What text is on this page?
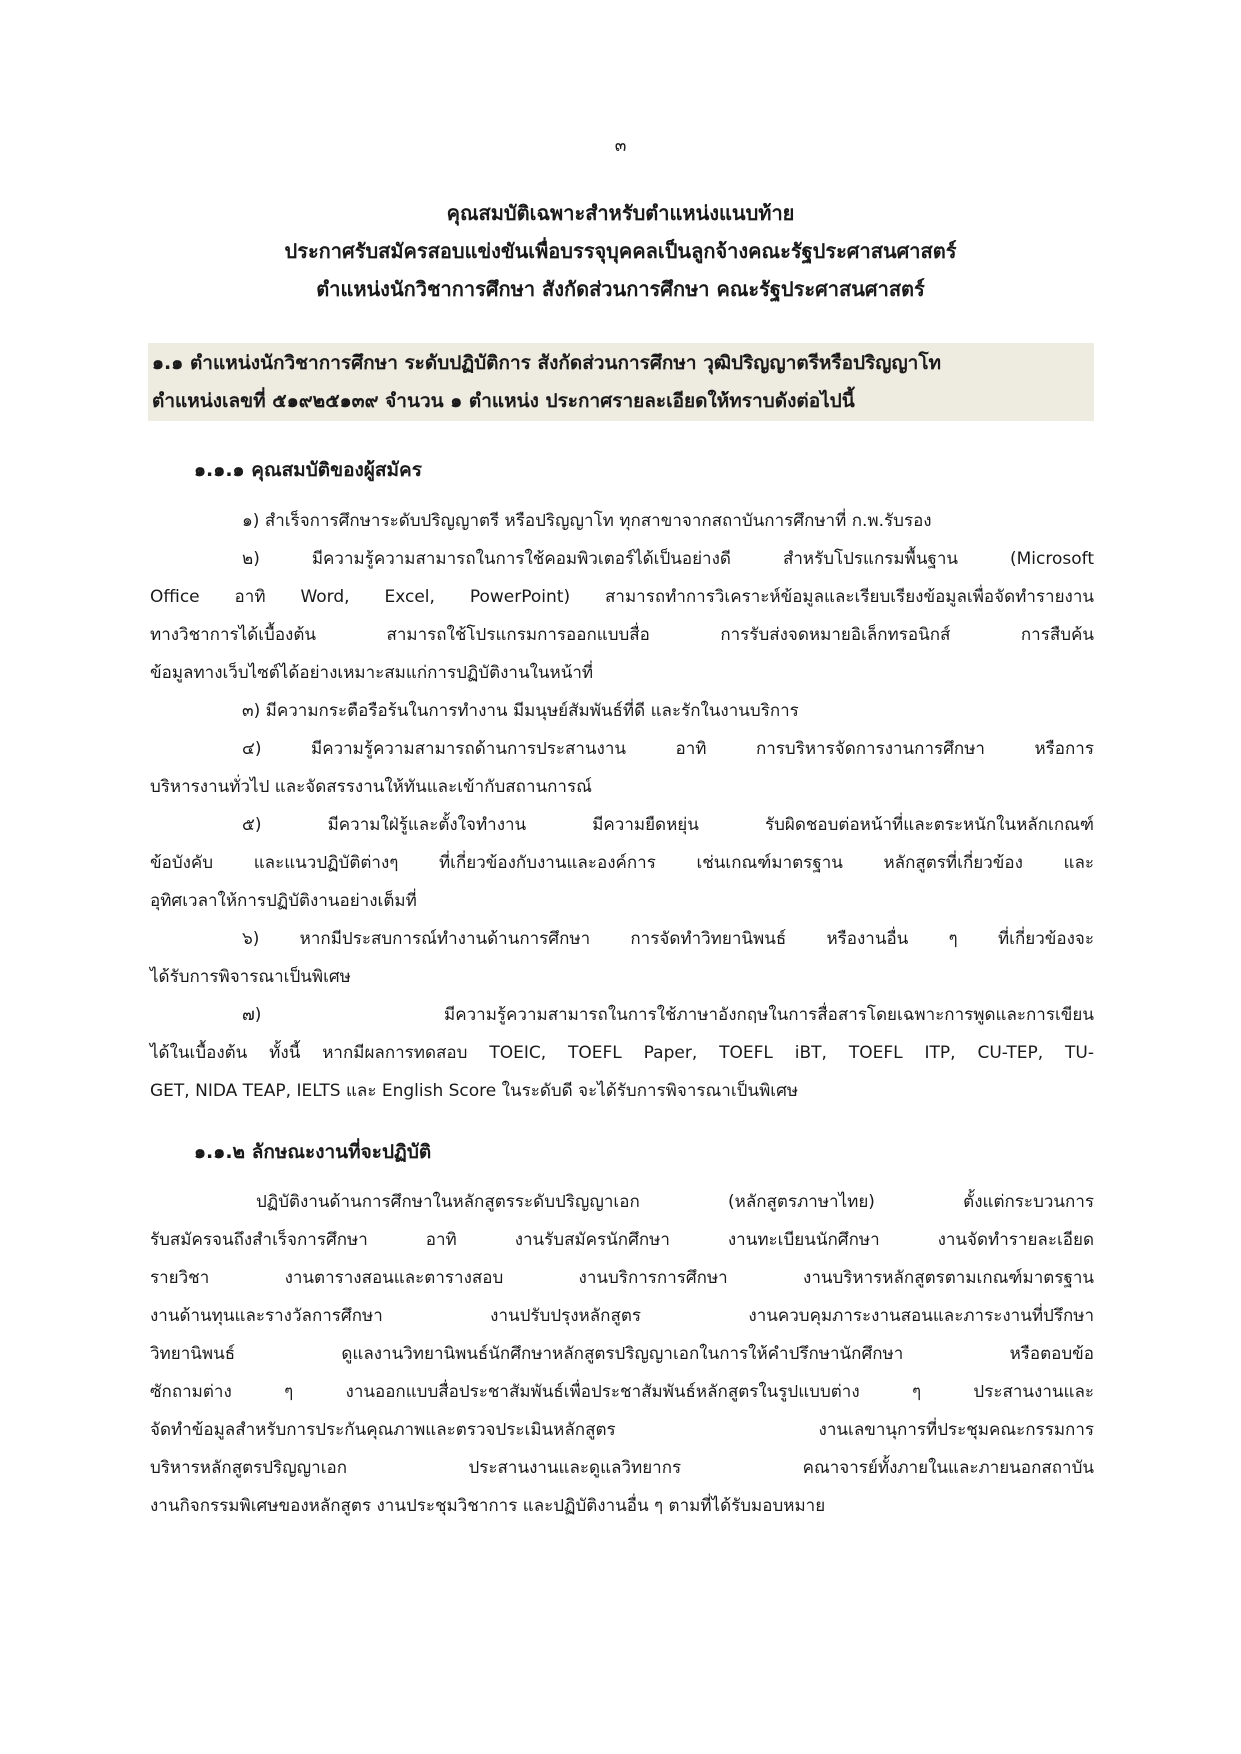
๓
คุณสมบัติเฉพาะสำหรับตำแหน่งแนบท้าย
ประกาศรับสมัครสอบแข่งขันเพื่อบรรจุบุคคลเป็นลูกจ้างคณะรัฐประศาสนศาสตร์
ตำแหน่งนักวิชาการศึกษา สังกัดส่วนการศึกษา คณะรัฐประศาสนศาสตร์
๑.๑ ตำแหน่งนักวิชาการศึกษา ระดับปฏิบัติการ สังกัดส่วนการศึกษา วุฒิปริญญาตรีหรือปริญญาโท
ตำแหน่งเลขที่ ๕๑๙๒๕๑๓๙ จำนวน ๑ ตำแหน่ง ประกาศรายละเอียดให้ทราบดังต่อไปนี้
๑.๑.๑ คุณสมบัติของผู้สมัคร
๑) สำเร็จการศึกษาระดับปริญญาตรี หรือปริญญาโท ทุกสาขาจากสถาบันการศึกษาที่ ก.พ.รับรอง
๒) มีความรู้ความสามารถในการใช้คอมพิวเตอร์ได้เป็นอย่างดี สำหรับโปรแกรมพื้นฐาน (Microsoft
Office อาทิ Word, Excel, PowerPoint) สามารถทำการวิเคราะห์ข้อมูลและเรียบเรียงข้อมูลเพื่อจัดทำรายงาน
ทางวิชาการได้เบื้องต้น สามารถใช้โปรแกรมการออกแบบสื่อ การรับส่งจดหมายอิเล็กทรอนิกส์ การสืบค้น
ข้อมูลทางเว็บไซต์ได้อย่างเหมาะสมแก่การปฏิบัติงานในหน้าที่
๓) มีความกระตือรือร้นในการทำงาน มีมนุษย์สัมพันธ์ที่ดี และรักในงานบริการ
๔) มีความรู้ความสามารถด้านการประสานงาน อาทิ การบริหารจัดการงานการศึกษา หรือการ
บริหารงานทั่วไป และจัดสรรงานให้ทันและเข้ากับสถานการณ์
๕) มีความใฝ่รู้และตั้งใจทำงาน มีความยืดหยุ่น รับผิดชอบต่อหน้าที่และตระหนักในหลักเกณฑ์
ข้อบังคับ และแนวปฏิบัติต่างๆ ที่เกี่ยวข้องกับงานและองค์การ เช่นเกณฑ์มาตรฐาน หลักสูตรที่เกี่ยวข้อง และ
อุทิศเวลาให้การปฏิบัติงานอย่างเต็มที่
๖) หากมีประสบการณ์ทำงานด้านการศึกษา การจัดทำวิทยานิพนธ์ หรืองานอื่น ๆ ที่เกี่ยวข้องจะ
ได้รับการพิจารณาเป็นพิเศษ
๗) มีความรู้ความสามารถในการใช้ภาษาอังกฤษในการสื่อสารโดยเฉพาะการพูดและการเขียน
ได้ในเบื้องต้น ทั้งนี้ หากมีผลการทดสอบ TOEIC, TOEFL Paper, TOEFL iBT, TOEFL ITP, CU-TEP, TU-
GET, NIDA TEAP, IELTS และ English Score ในระดับดี จะได้รับการพิจารณาเป็นพิเศษ
๑.๑.๒ ลักษณะงานที่จะปฏิบัติ
ปฏิบัติงานด้านการศึกษาในหลักสูตรระดับปริญญาเอก (หลักสูตรภาษาไทย) ตั้งแต่กระบวนการ
รับสมัครจนถึงสำเร็จการศึกษา อาทิ งานรับสมัครนักศึกษา งานทะเบียนนักศึกษา งานจัดทำรายละเอียด
รายวิชา งานตารางสอนและตารางสอบ งานบริการการศึกษา งานบริหารหลักสูตรตามเกณฑ์มาตรฐาน
งานด้านทุนและรางวัลการศึกษา งานปรับปรุงหลักสูตร งานควบคุมภาระงานสอนและภาระงานที่ปรึกษา
วิทยานิพนธ์ ดูแลงานวิทยานิพนธ์นักศึกษาหลักสูตรปริญญาเอกในการให้คำปรึกษานักศึกษา หรือตอบข้อ
ซักถามต่าง ๆ งานออกแบบสื่อประชาสัมพันธ์เพื่อประชาสัมพันธ์หลักสูตรในรูปแบบต่าง ๆ ประสานงานและ
จัดทำข้อมูลสำหรับการประกันคุณภาพและตรวจประเมินหลักสูตร งานเลขานุการที่ประชุมคณะกรรมการ
บริหารหลักสูตรปริญญาเอก ประสานงานและดูแลวิทยากร คณาจารย์ทั้งภายในและภายนอกสถาบัน
งานกิจกรรมพิเศษของหลักสูตร งานประชุมวิชาการ และปฏิบัติงานอื่น ๆ ตามที่ได้รับมอบหมาย
